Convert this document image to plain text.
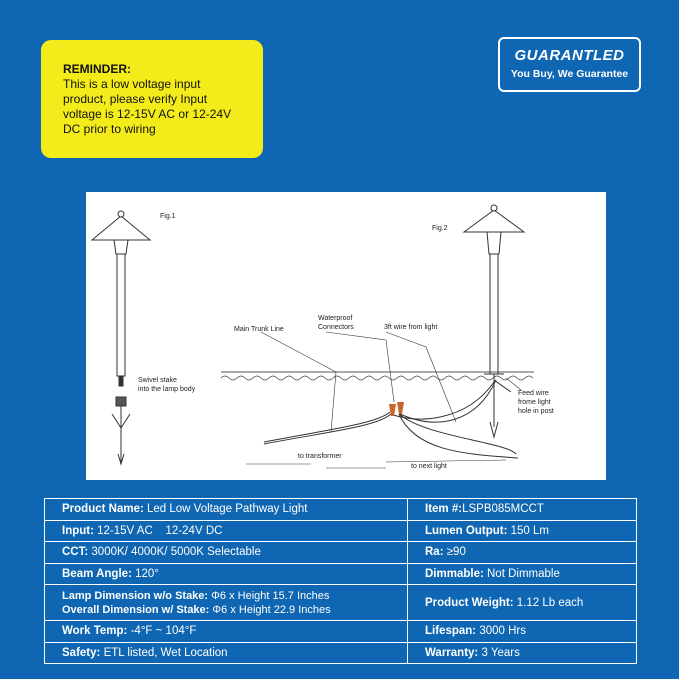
REMINDER:
This is a low voltage input
product, please verify Input
voltage is 12-15V AC or 12-24V
DC prior to wiring
GUARANTLED
You Buy, We Guarantee
Fig.1
Swivel stake
into the lamp body
Fig.2
Main Trunk Line
Waterproof
Connectors	3ft wire from light
Feed wire
frome light
hole in post
to transformer
to next light
Product Name: Led Low Voltage Pathway Light	Item #:LSPB085MCCT
Input: 12-15V AC    12-24V DC	Lumen Output: 150 Lm
CCT: 3000K/ 4000K/ 5000K Selectable	Ra: ≥90
Beam Angle: 120°	Dimmable: Not Dimmable

Lamp Dimension w/o Stake: Φ6 x Height 15.7 Inches
Overall Dimension w/ Stake: Φ6 x Height 22.9 Inches	Product Weight: 1.12 Lb each
Work Temp: -4°F ~ 104°F	Lifespan: 3000 Hrs
Safety: ETL listed, Wet Location	Warranty: 3 Years
